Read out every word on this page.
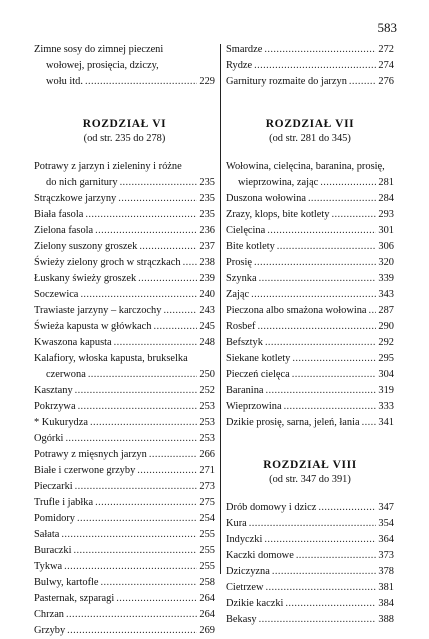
583
Zimne sosy do zimnej pieczeni
wołowej, prosięcia, dziczy,
wołu itd. .....	229
ROZDZIAŁ VI
(od str. 235 do 278)
Potrawy z jarzyn i zieleniny i różne
do nich garnitury .....	235
Strączkowe jarzyny .....	235
Biała fasola .....	235
Zielona fasola .....	236
Zielony suszony groszek .....	237
Świeży zielony groch w strączkach ..... 238
Łuskany świeży groszek .....	239
Soczewica .....	240
Trawiaste jarzyny – karczochy .....	243
Świeża kapusta w główkach .....	245
Kwaszona kapusta .....	248
Kalafiory, włoska kapusta, brukselka
czerwona .....	250
Kasztany .....	252
Pokrzywa .....	253
* Kukurydza .....	253
Ogórki .....	253
Potrawy z mięsnych jarzyn .....	266
Białe i czerwone grzyby .....	271
Pieczarki .....	273
Trufle i jabłka .....	275
Pomidory .....	254
Sałata .....	255
Buraczki .....	255
Tykwa .....	255
Bulwy, kartofle .....	258
Pasternak, szparagi .....	264
Chrzan .....	264
Grzyby .....	269
Smardze .....	272
Rydze .....	274
Garnitury rozmaite do jarzyn .....	276
ROZDZIAŁ VII
(od str. 281 do 345)
Wołowina, cielęcina, baranina, prosię,
wieprzowina, zając .....	281
Duszona wołowina .....	284
Zrazy, klops, bite kotlety .....	293
Cielęcina .....	301
Bite kotlety .....	306
Prosię .....	320
Szynka .....	339
Zając .....	343
Pieczona albo smażona wołowina ..... 287
Rosbef .....	290
Befsztyk .....	292
Siekane kotlety .....	295
Pieczeń cielęca .....	304
Baranina .....	319
Wieprzowina .....	333
Dzikie prosię, sarna, jeleń, łania ..... 341
ROZDZIAŁ VIII
(od str. 347 do 391)
Drób domowy i dzicz .....	347
Kura .....	354
Indyczki .....	364
Kaczki domowe .....	373
Dziczyzna .....	378
Cietrzew .....	381
Dzikie kaczki .....	384
Bekasy .....	388
